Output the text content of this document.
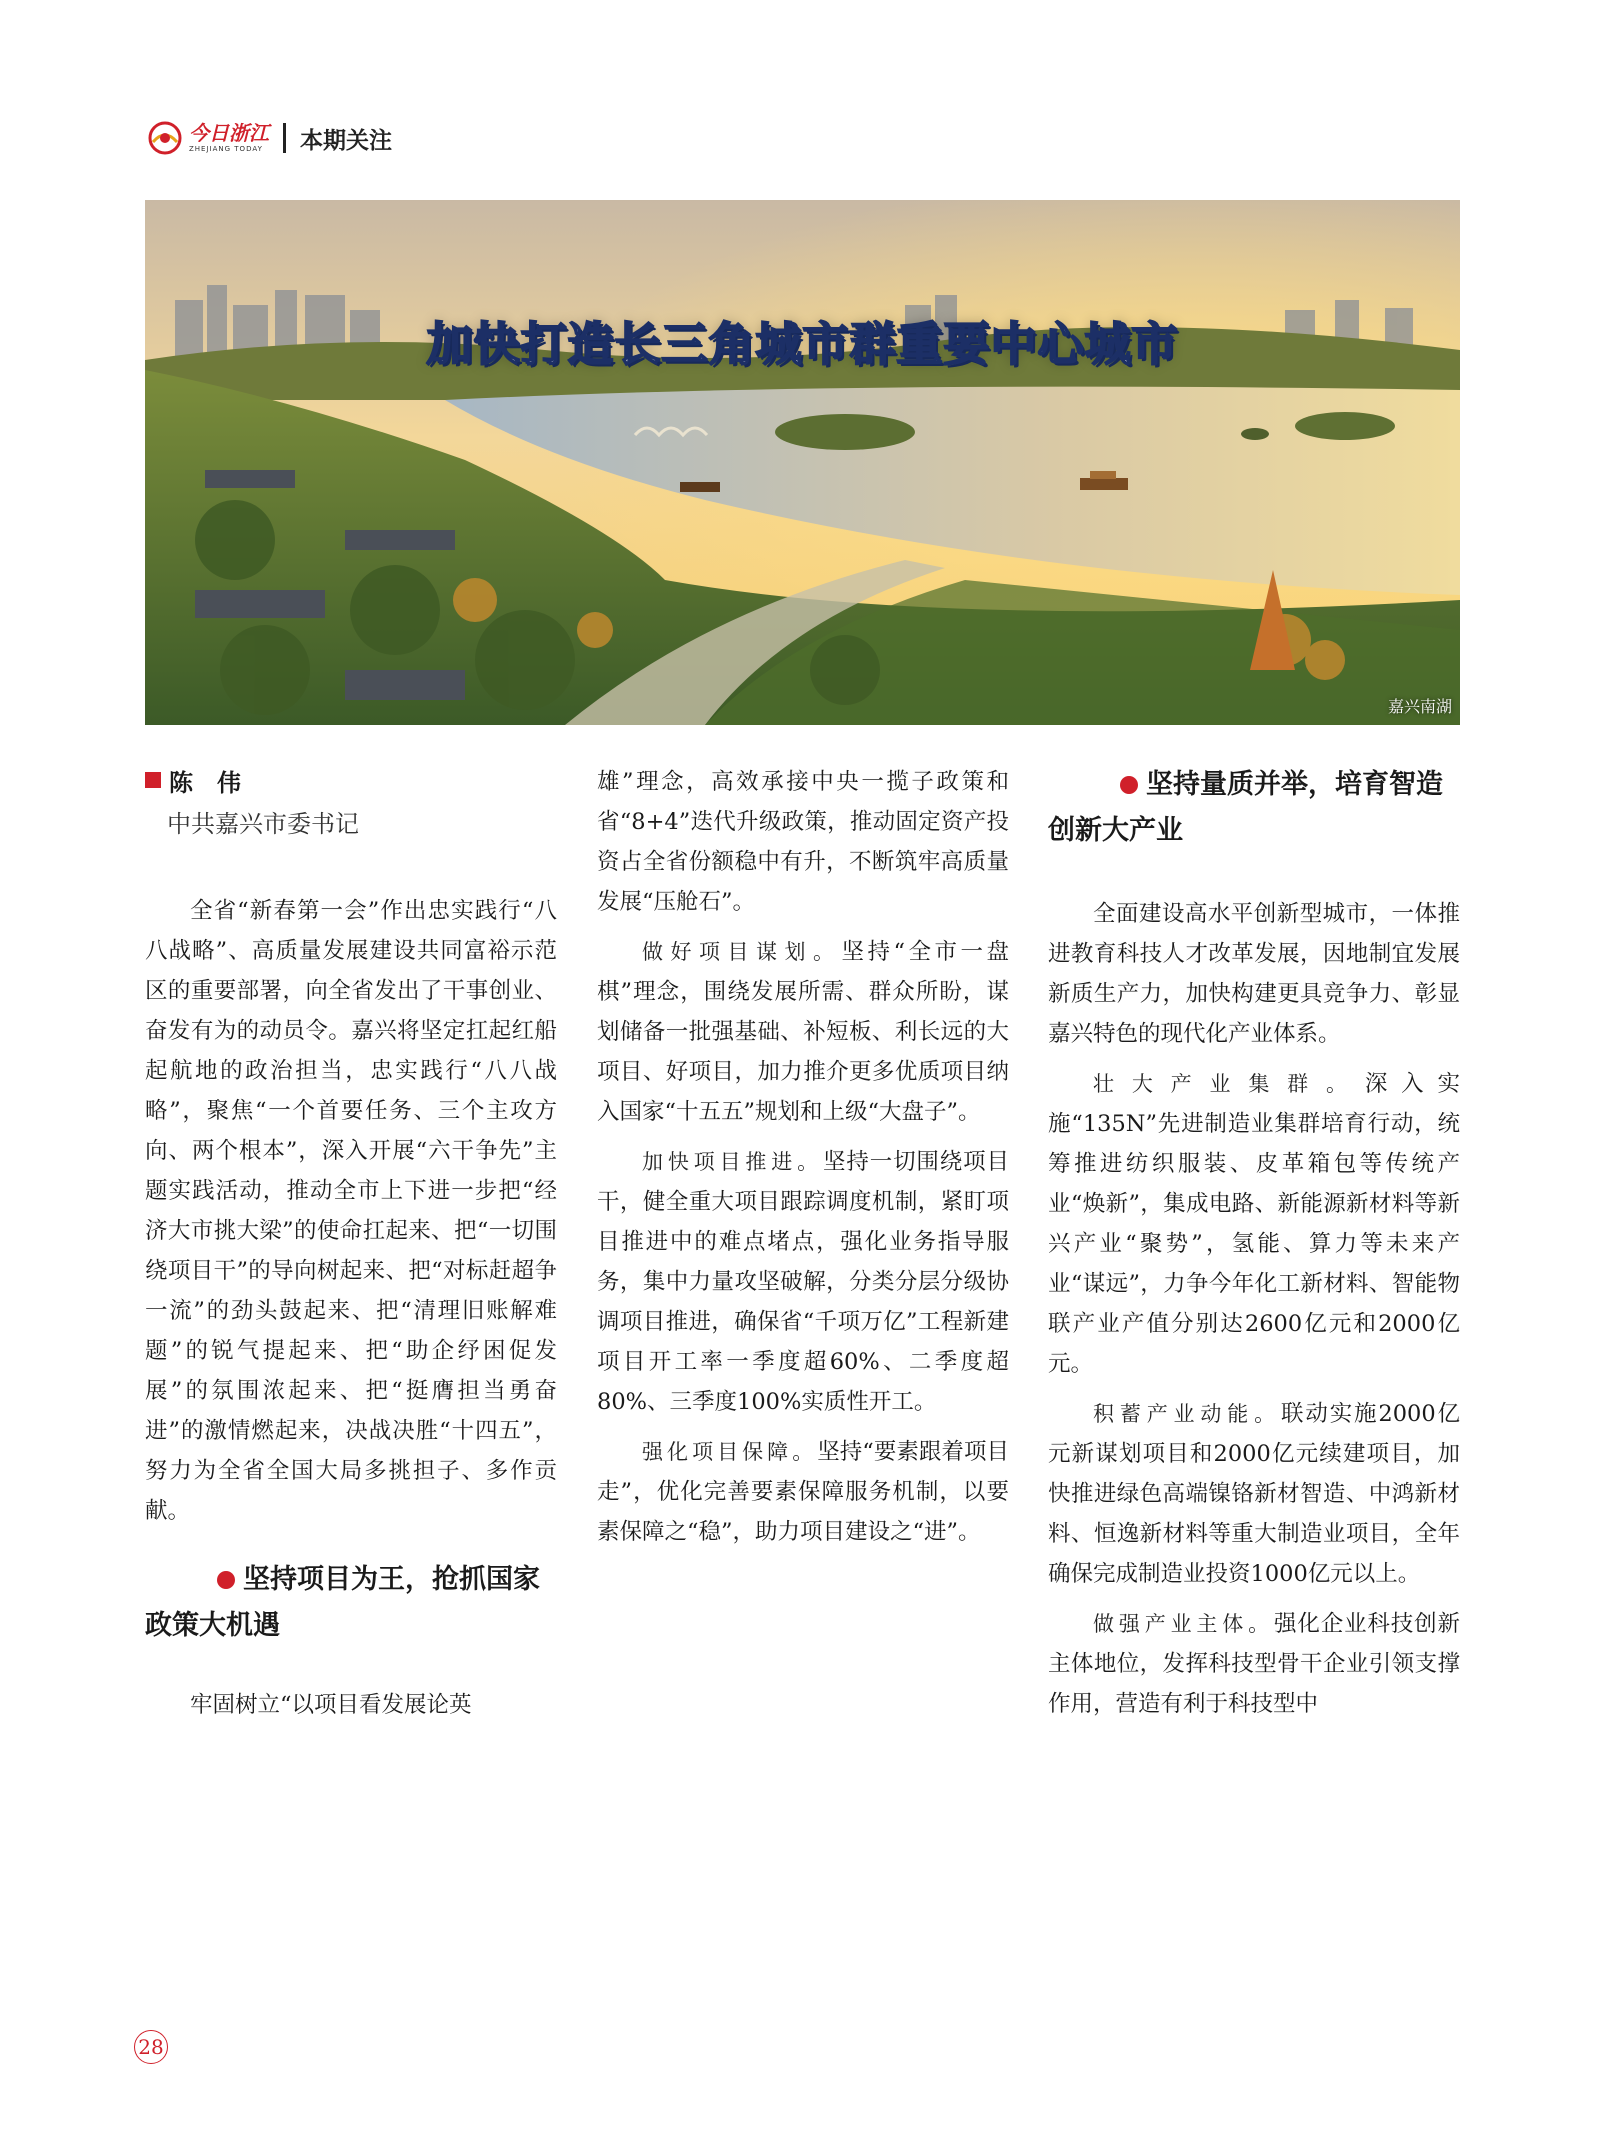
今日浙江
ZHEJIANG TODAY 本期关注
加快打造长三角城市群重要中心城市
嘉兴南湖
陈　伟
中共嘉兴市委书记

全省“新春第一会”作出忠实践行“八八战略”、高质量发展建设共同富裕示范区的重要部署，向全省发出了干事创业、奋发有为的动员令。嘉兴将坚定扛起红船起航地的政治担当，忠实践行“八八战略”，聚焦“一个首要任务、三个主攻方向、两个根本”，深入开展“六干争先”主题实践活动，推动全市上下进一步把“经济大市挑大梁”的使命扛起来、把“一切围绕项目干”的导向树起来、把“对标赶超争一流”的劲头鼓起来、把“清理旧账解难题”的锐气提起来、把“助企纾困促发展”的氛围浓起来、把“挺膺担当勇奋进”的激情燃起来，决战决胜“十四五”，努力为全省全国大局多挑担子、多作贡献。

坚持项目为王，抢抓国家政策大机遇

牢固树立“以项目看发展论英

雄”理念，高效承接中央一揽子政策和省“8+4”迭代升级政策，推动固定资产投资占全省份额稳中有升，不断筑牢高质量发展“压舱石”。

做好项目谋划。坚持“全市一盘棋”理念，围绕发展所需、群众所盼，谋划储备一批强基础、补短板、利长远的大项目、好项目，加力推介更多优质项目纳入国家“十五五”规划和上级“大盘子”。

加快项目推进。坚持一切围绕项目干，健全重大项目跟踪调度机制，紧盯项目推进中的难点堵点，强化业务指导服务，集中力量攻坚破解，分类分层分级协调项目推进，确保省“千项万亿”工程新建项目开工率一季度超60%、二季度超80%、三季度100%实质性开工。

强化项目保障。坚持“要素跟着项目走”，优化完善要素保障服务机制，以要素保障之“稳”，助力项目建设之“进”。

坚持量质并举，培育智造创新大产业

全面建设高水平创新型城市，一体推进教育科技人才改革发展，因地制宜发展新质生产力，加快构建更具竞争力、彰显嘉兴特色的现代化产业体系。

壮大产业集群。深入实施“135N”先进制造业集群培育行动，统筹推进纺织服装、皮革箱包等传统产业“焕新”，集成电路、新能源新材料等新兴产业“聚势”，氢能、算力等未来产业“谋远”，力争今年化工新材料、智能物联产业产值分别达2600亿元和2000亿元。

积蓄产业动能。联动实施2000亿元新谋划项目和2000亿元续建项目，加快推进绿色高端镍铬新材智造、中鸿新材料、恒逸新材料等重大制造业项目，全年确保完成制造业投资1000亿元以上。

做强产业主体。强化企业科技创新主体地位，发挥科技型骨干企业引领支撑作用，营造有利于科技型中

28
